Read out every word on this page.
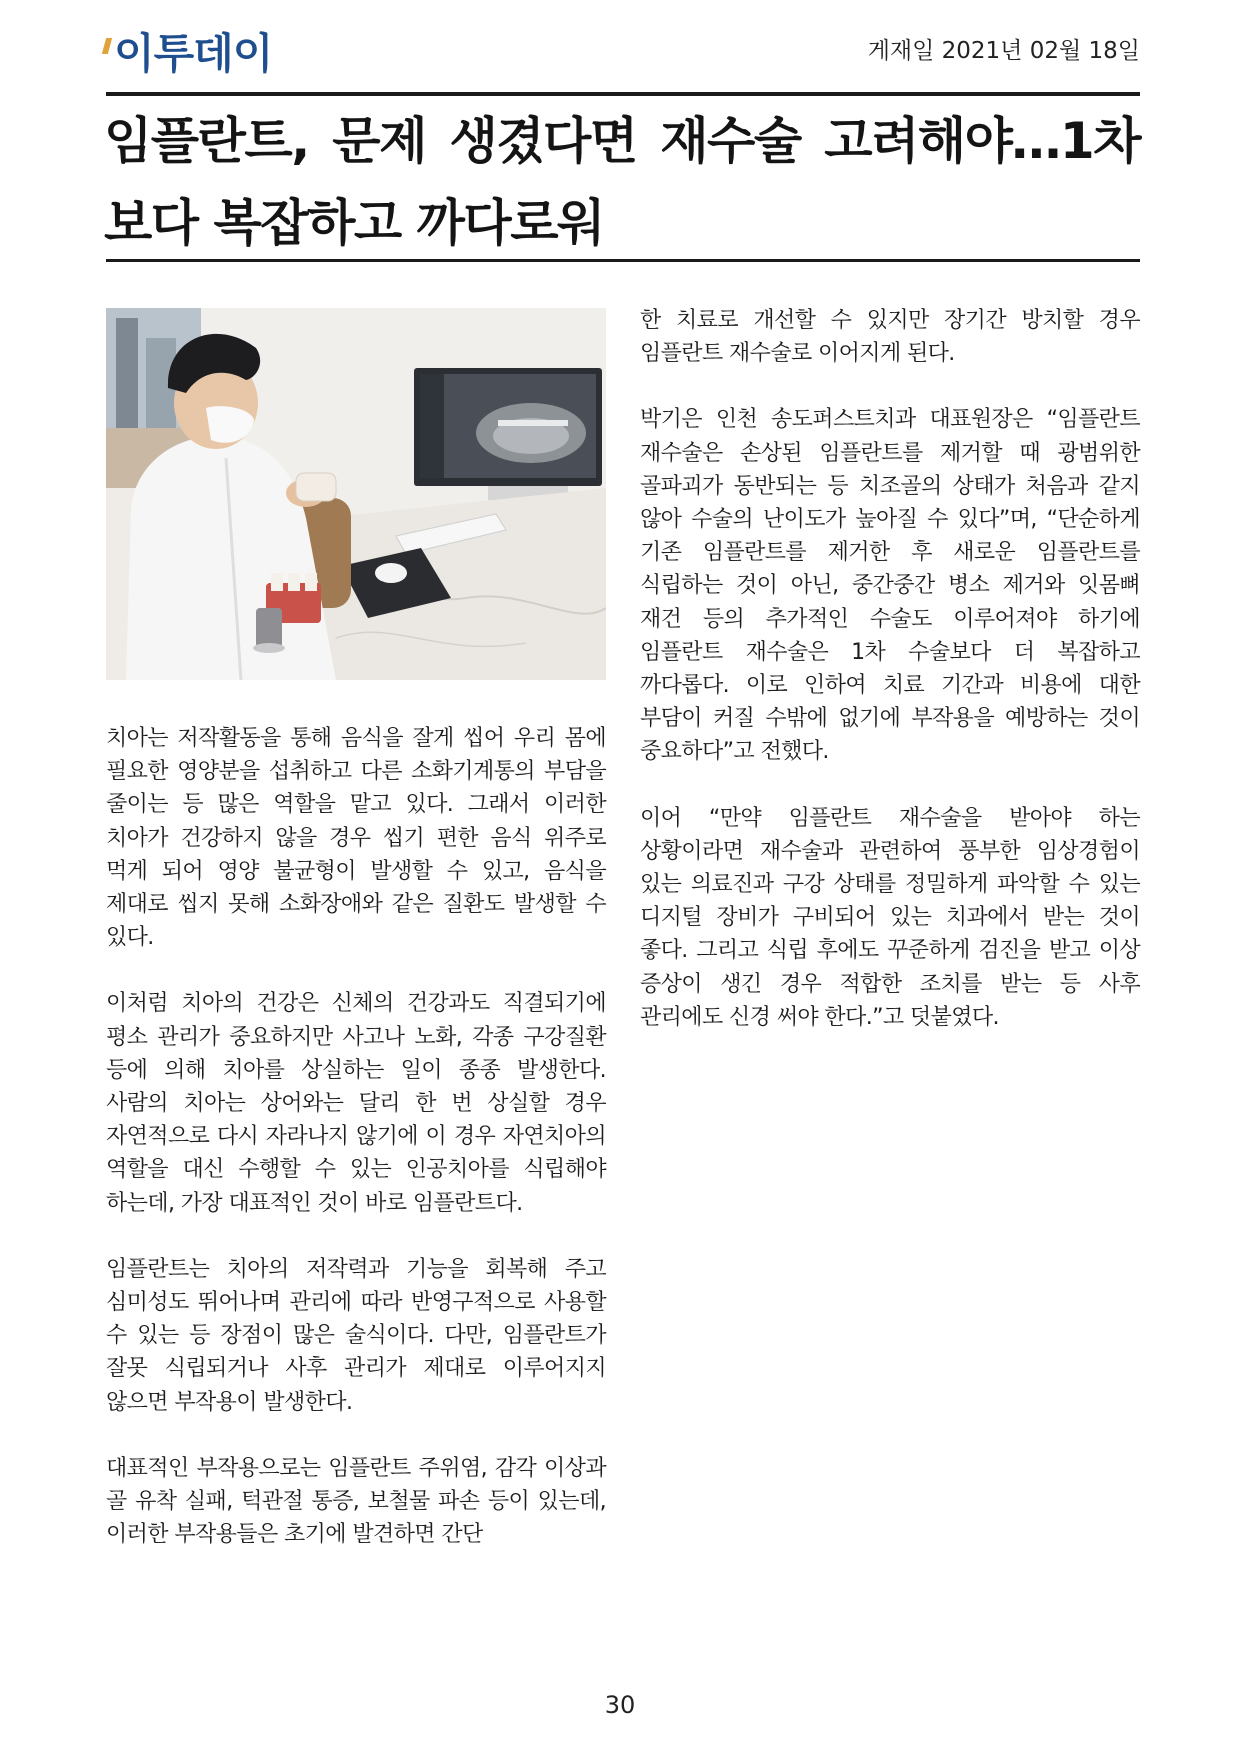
이투데이	게재일 2021년 02월 18일
임플란트, 문제 생겼다면 재수술 고려해야…1차 보다 복잡하고 까다로워

치아는 저작활동을 통해 음식을 잘게 씹어 우리 몸에 필요한 영양분을 섭취하고 다른 소화기계통의 부담을 줄이는 등 많은 역할을 맡고 있다. 그래서 이러한 치아가 건강하지 않을 경우 씹기 편한 음식 위주로 먹게 되어 영양 불균형이 발생할 수 있고, 음식을 제대로 씹지 못해 소화장애와 같은 질환도 발생할 수 있다.

이처럼 치아의 건강은 신체의 건강과도 직결되기에 평소 관리가 중요하지만 사고나 노화, 각종 구강질환 등에 의해 치아를 상실하는 일이 종종 발생한다. 사람의 치아는 상어와는 달리 한 번 상실할 경우 자연적으로 다시 자라나지 않기에 이 경우 자연치아의 역할을 대신 수행할 수 있는 인공치아를 식립해야 하는데, 가장 대표적인 것이 바로 임플란트다.

임플란트는 치아의 저작력과 기능을 회복해 주고 심미성도 뛰어나며 관리에 따라 반영구적으로 사용할 수 있는 등 장점이 많은 술식이다. 다만, 임플란트가 잘못 식립되거나 사후 관리가 제대로 이루어지지 않으면 부작용이 발생한다.

대표적인 부작용으로는 임플란트 주위염, 감각 이상과 골 유착 실패, 턱관절 통증, 보철물 파손 등이 있는데, 이러한 부작용들은 초기에 발견하면 간단

한 치료로 개선할 수 있지만 장기간 방치할 경우 임플란트 재수술로 이어지게 된다.

박기은 인천 송도퍼스트치과 대표원장은 “임플란트 재수술은 손상된 임플란트를 제거할 때 광범위한 골파괴가 동반되는 등 치조골의 상태가 처음과 같지 않아 수술의 난이도가 높아질 수 있다”며, “단순하게 기존 임플란트를 제거한 후 새로운 임플란트를 식립하는 것이 아닌, 중간중간 병소 제거와 잇몸뼈 재건 등의 추가적인 수술도 이루어져야 하기에 임플란트 재수술은 1차 수술보다 더 복잡하고 까다롭다. 이로 인하여 치료 기간과 비용에 대한 부담이 커질 수밖에 없기에 부작용을 예방하는 것이 중요하다”고 전했다.

이어 “만약 임플란트 재수술을 받아야 하는 상황이라면 재수술과 관련하여 풍부한 임상경험이 있는 의료진과 구강 상태를 정밀하게 파악할 수 있는 디지털 장비가 구비되어 있는 치과에서 받는 것이 좋다. 그리고 식립 후에도 꾸준하게 검진을 받고 이상 증상이 생긴 경우 적합한 조치를 받는 등 사후 관리에도 신경 써야 한다.”고 덧붙였다.

30
